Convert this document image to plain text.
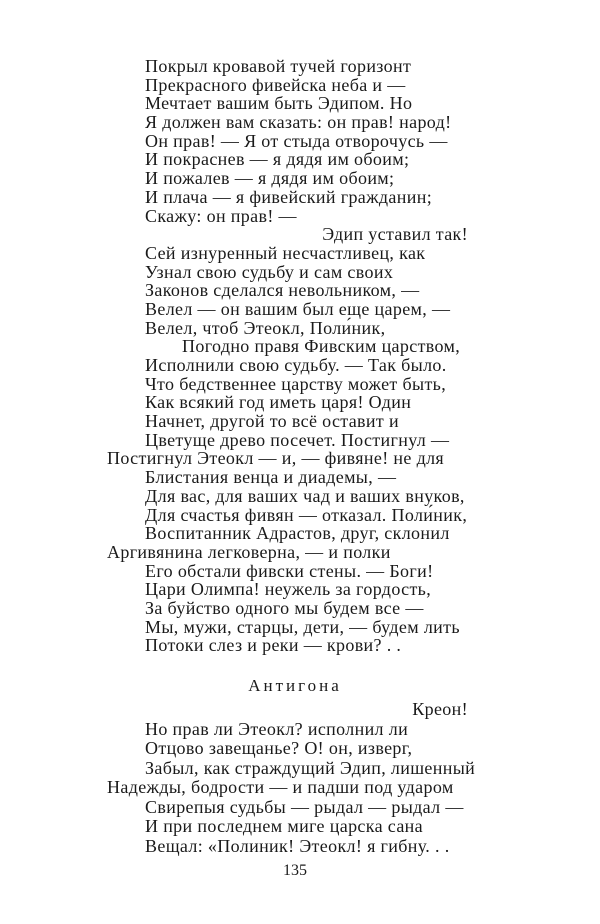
Покрыл кровавой тучей горизонт
Прекрасного фивейска неба и —
Мечтает вашим быть Эдипом. Но
Я должен вам сказать: он прав! народ!
Он прав! — Я от стыда отворочусь —
И покраснев — я дядя им обоим;
И пожалев — я дядя им обоим;
И плача — я фивейский гражданин;
Скажу: он прав! —
Эдип уставил так!
Сей изнуренный несчастливец, как
Узнал свою судьбу и сам своих
Законов сделался невольником, —
Велел — он вашим был еще царем, —
Велел, чтоб Этеокл, Поли́ник,
Погодно правя Фивским царством,
Исполнили свою судьбу. — Так было.
Что бедственнее царству может быть,
Как всякий год иметь царя! Один
Начнет, другой то всё оставит и
Цветуще древо посечет. Постигнул —
Постигнул Этеокл — и, — фивяне! не для
Блистания венца и диадемы, —
Для вас, для ваших чад и ваших внуков,
Для счастья фивян — отказал. Поли́ник,
Воспитанник Адрастов, друг, склонил
Аргивянина легковерна, — и полки
Его обстали фивски стены. — Боги!
Цари Олимпа! неужель за гордость,
За буйство одного мы будем все —
Мы, мужи, старцы, дети, — будем лить
Потоки слез и реки — крови? . .
Антигона
Креон!
Но прав ли Этеокл? исполнил ли
Отцово завещанье? О! он, изверг,
Забыл, как страждущий Эдип, лишенный
Надежды, бодрости — и падши под ударом
Свирепыя судьбы — рыдал — рыдал —
И при последнем миге царска сана
Вещал: «Полиник! Этеокл! я гибну. . .
135
